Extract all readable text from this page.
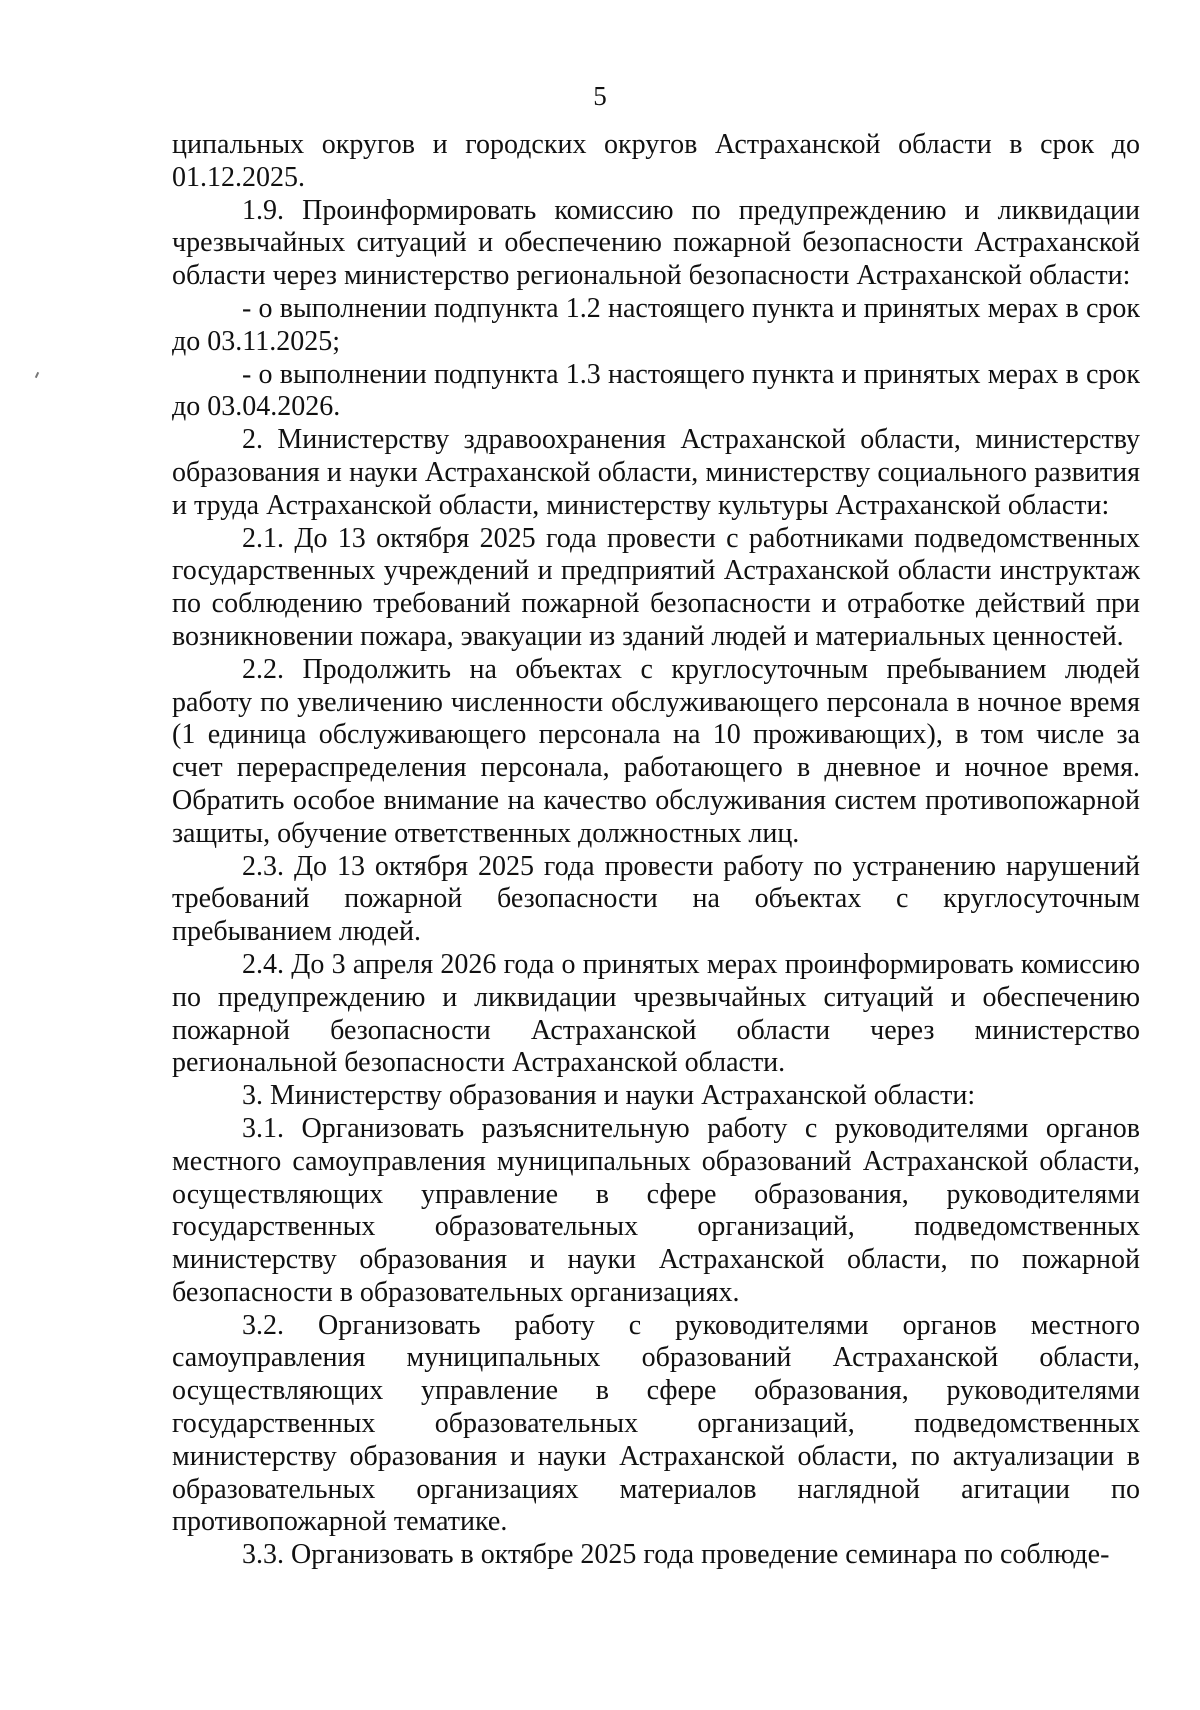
5

ципальных округов и городских округов Астраханской области в срок до 01.12.2025.

1.9. Проинформировать комиссию по предупреждению и ликвидации чрезвычайных ситуаций и обеспечению пожарной безопасности Астраханской области через министерство региональной безопасности Астраханской области:

- о выполнении подпункта 1.2 настоящего пункта и принятых мерах в срок до 03.11.2025;

- о выполнении подпункта 1.3 настоящего пункта и принятых мерах в срок до 03.04.2026.

2. Министерству здравоохранения Астраханской области, министерству образования и науки Астраханской области, министерству социального развития и труда Астраханской области, министерству культуры Астраханской области:

2.1. До 13 октября 2025 года провести с работниками подведомственных государственных учреждений и предприятий Астраханской области инструктаж по соблюдению требований пожарной безопасности и отработке действий при возникновении пожара, эвакуации из зданий людей и материальных ценностей.

2.2. Продолжить на объектах с круглосуточным пребыванием людей работу по увеличению численности обслуживающего персонала в ночное время (1 единица обслуживающего персонала на 10 проживающих), в том числе за счет перераспределения персонала, работающего в дневное и ночное время. Обратить особое внимание на качество обслуживания систем противопожарной защиты, обучение ответственных должностных лиц.

2.3. До 13 октября 2025 года провести работу по устранению нарушений требований пожарной безопасности на объектах с круглосуточным пребыванием людей.

2.4. До 3 апреля 2026 года о принятых мерах проинформировать комиссию по предупреждению и ликвидации чрезвычайных ситуаций и обеспечению пожарной безопасности Астраханской области через министерство региональной безопасности Астраханской области.

3. Министерству образования и науки Астраханской области:

3.1. Организовать разъяснительную работу с руководителями органов местного самоуправления муниципальных образований Астраханской области, осуществляющих управление в сфере образования, руководителями государственных образовательных организаций, подведомственных министерству образования и науки Астраханской области, по пожарной безопасности в образовательных организациях.

3.2. Организовать работу с руководителями органов местного самоуправления муниципальных образований Астраханской области, осуществляющих управление в сфере образования, руководителями государственных образовательных организаций, подведомственных министерству образования и науки Астраханской области, по актуализации в образовательных организациях материалов наглядной агитации по противопожарной тематике.

3.3. Организовать в октябре 2025 года проведение семинара по соблюде-
